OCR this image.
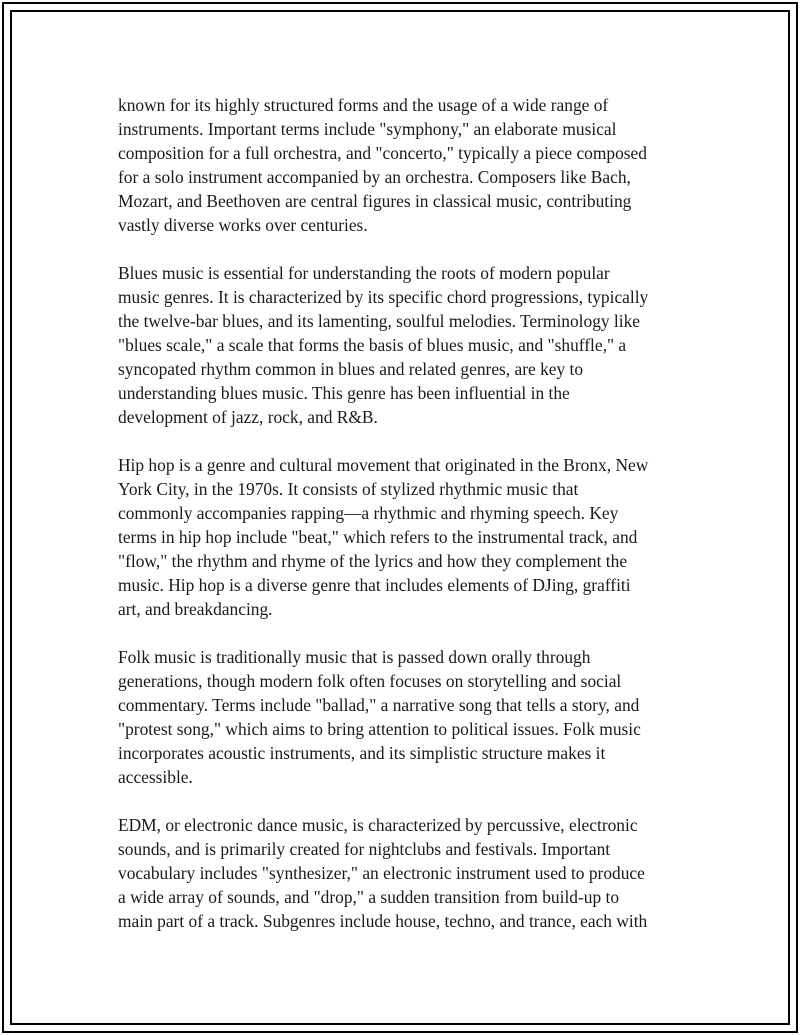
known for its highly structured forms and the usage of a wide range of
instruments. Important terms include "symphony," an elaborate musical
composition for a full orchestra, and "concerto," typically a piece composed
for a solo instrument accompanied by an orchestra. Composers like Bach,
Mozart, and Beethoven are central figures in classical music, contributing
vastly diverse works over centuries.

Blues music is essential for understanding the roots of modern popular
music genres. It is characterized by its specific chord progressions, typically
the twelve-bar blues, and its lamenting, soulful melodies. Terminology like
"blues scale," a scale that forms the basis of blues music, and "shuffle," a
syncopated rhythm common in blues and related genres, are key to
understanding blues music. This genre has been influential in the
development of jazz, rock, and R&B.

Hip hop is a genre and cultural movement that originated in the Bronx, New
York City, in the 1970s. It consists of stylized rhythmic music that
commonly accompanies rapping—a rhythmic and rhyming speech. Key
terms in hip hop include "beat," which refers to the instrumental track, and
"flow," the rhythm and rhyme of the lyrics and how they complement the
music. Hip hop is a diverse genre that includes elements of DJing, graffiti
art, and breakdancing.

Folk music is traditionally music that is passed down orally through
generations, though modern folk often focuses on storytelling and social
commentary. Terms include "ballad," a narrative song that tells a story, and
"protest song," which aims to bring attention to political issues. Folk music
incorporates acoustic instruments, and its simplistic structure makes it
accessible.

EDM, or electronic dance music, is characterized by percussive, electronic
sounds, and is primarily created for nightclubs and festivals. Important
vocabulary includes "synthesizer," an electronic instrument used to produce
a wide array of sounds, and "drop," a sudden transition from build-up to
main part of a track. Subgenres include house, techno, and trance, each with
